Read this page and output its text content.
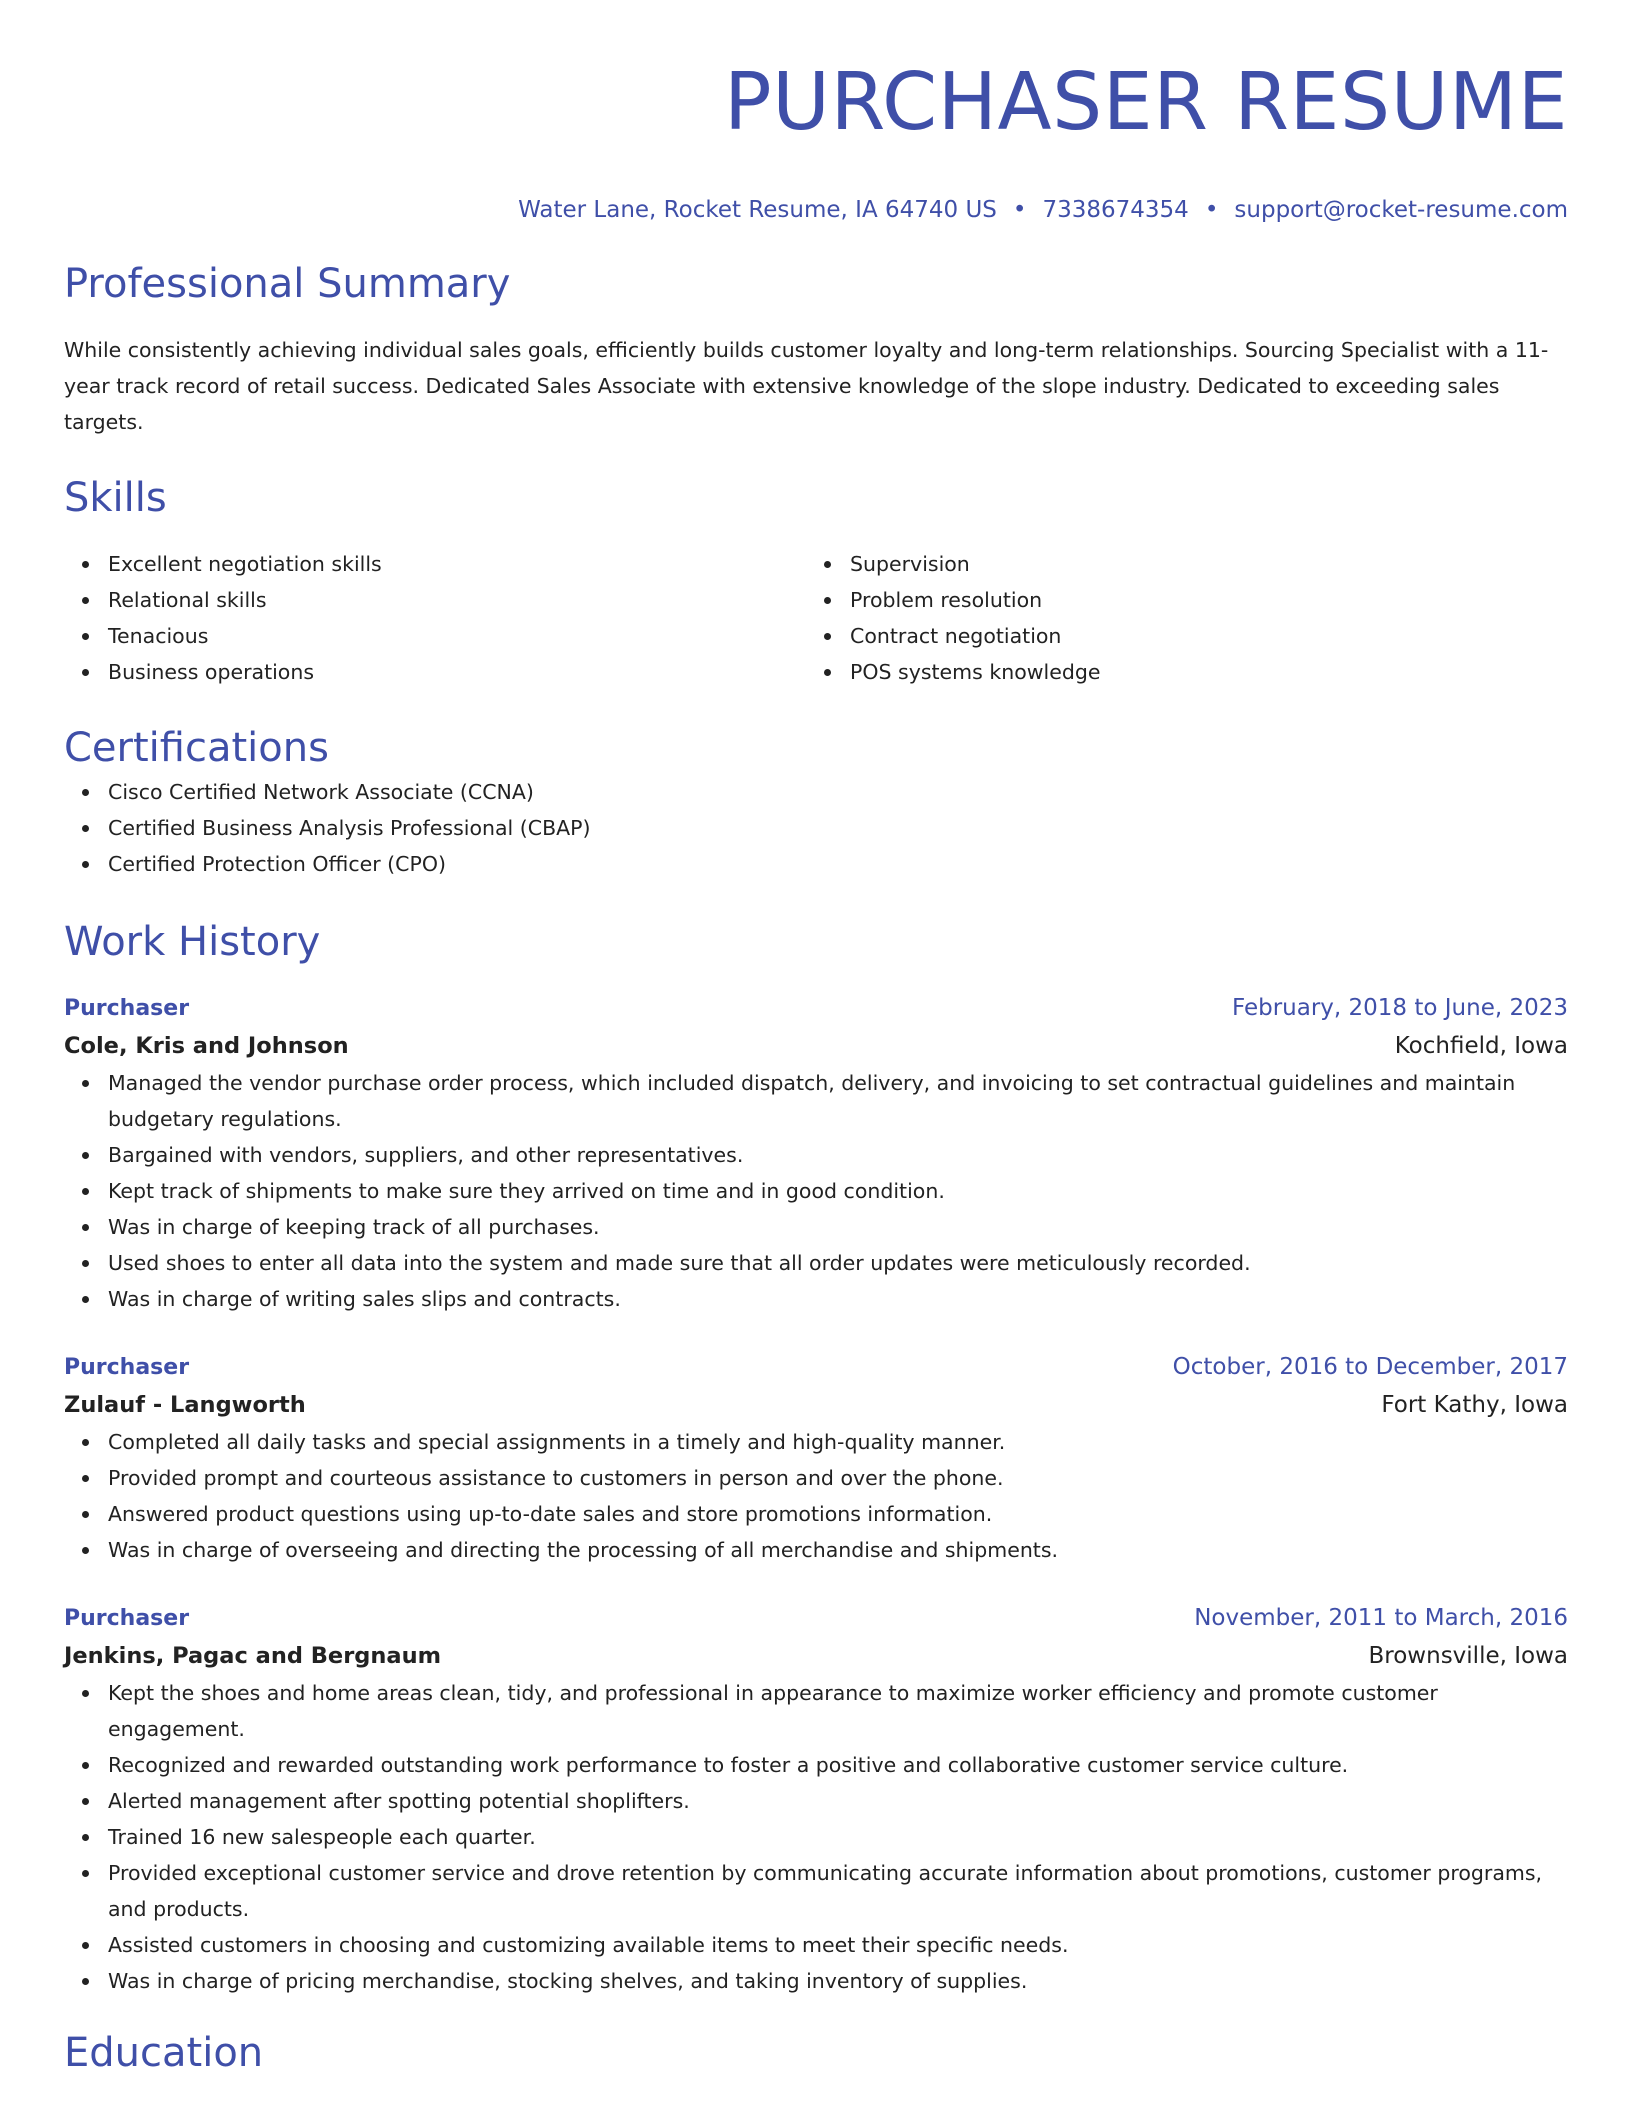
PURCHASER RESUME
Water Lane, Rocket Resume, IA 64740 US • 7338674354 • support@rocket-resume.com
Professional Summary
While consistently achieving individual sales goals, efficiently builds customer loyalty and long-term relationships. Sourcing Specialist with a 11-year track record of retail success. Dedicated Sales Associate with extensive knowledge of the slope industry. Dedicated to exceeding sales targets.
Skills
Excellent negotiation skills
Relational skills
Tenacious
Business operations
Supervision
Problem resolution
Contract negotiation
POS systems knowledge
Certifications
Cisco Certified Network Associate (CCNA)
Certified Business Analysis Professional (CBAP)
Certified Protection Officer (CPO)
Work History
Purchaser	February, 2018 to June, 2023
Cole, Kris and Johnson	Kochfield, Iowa
Managed the vendor purchase order process, which included dispatch, delivery, and invoicing to set contractual guidelines and maintain budgetary regulations.
Bargained with vendors, suppliers, and other representatives.
Kept track of shipments to make sure they arrived on time and in good condition.
Was in charge of keeping track of all purchases.
Used shoes to enter all data into the system and made sure that all order updates were meticulously recorded.
Was in charge of writing sales slips and contracts.
Purchaser	October, 2016 to December, 2017
Zulauf - Langworth	Fort Kathy, Iowa
Completed all daily tasks and special assignments in a timely and high-quality manner.
Provided prompt and courteous assistance to customers in person and over the phone.
Answered product questions using up-to-date sales and store promotions information.
Was in charge of overseeing and directing the processing of all merchandise and shipments.
Purchaser	November, 2011 to March, 2016
Jenkins, Pagac and Bergnaum	Brownsville, Iowa
Kept the shoes and home areas clean, tidy, and professional in appearance to maximize worker efficiency and promote customer engagement.
Recognized and rewarded outstanding work performance to foster a positive and collaborative customer service culture.
Alerted management after spotting potential shoplifters.
Trained 16 new salespeople each quarter.
Provided exceptional customer service and drove retention by communicating accurate information about promotions, customer programs, and products.
Assisted customers in choosing and customizing available items to meet their specific needs.
Was in charge of pricing merchandise, stocking shelves, and taking inventory of supplies.
Education
